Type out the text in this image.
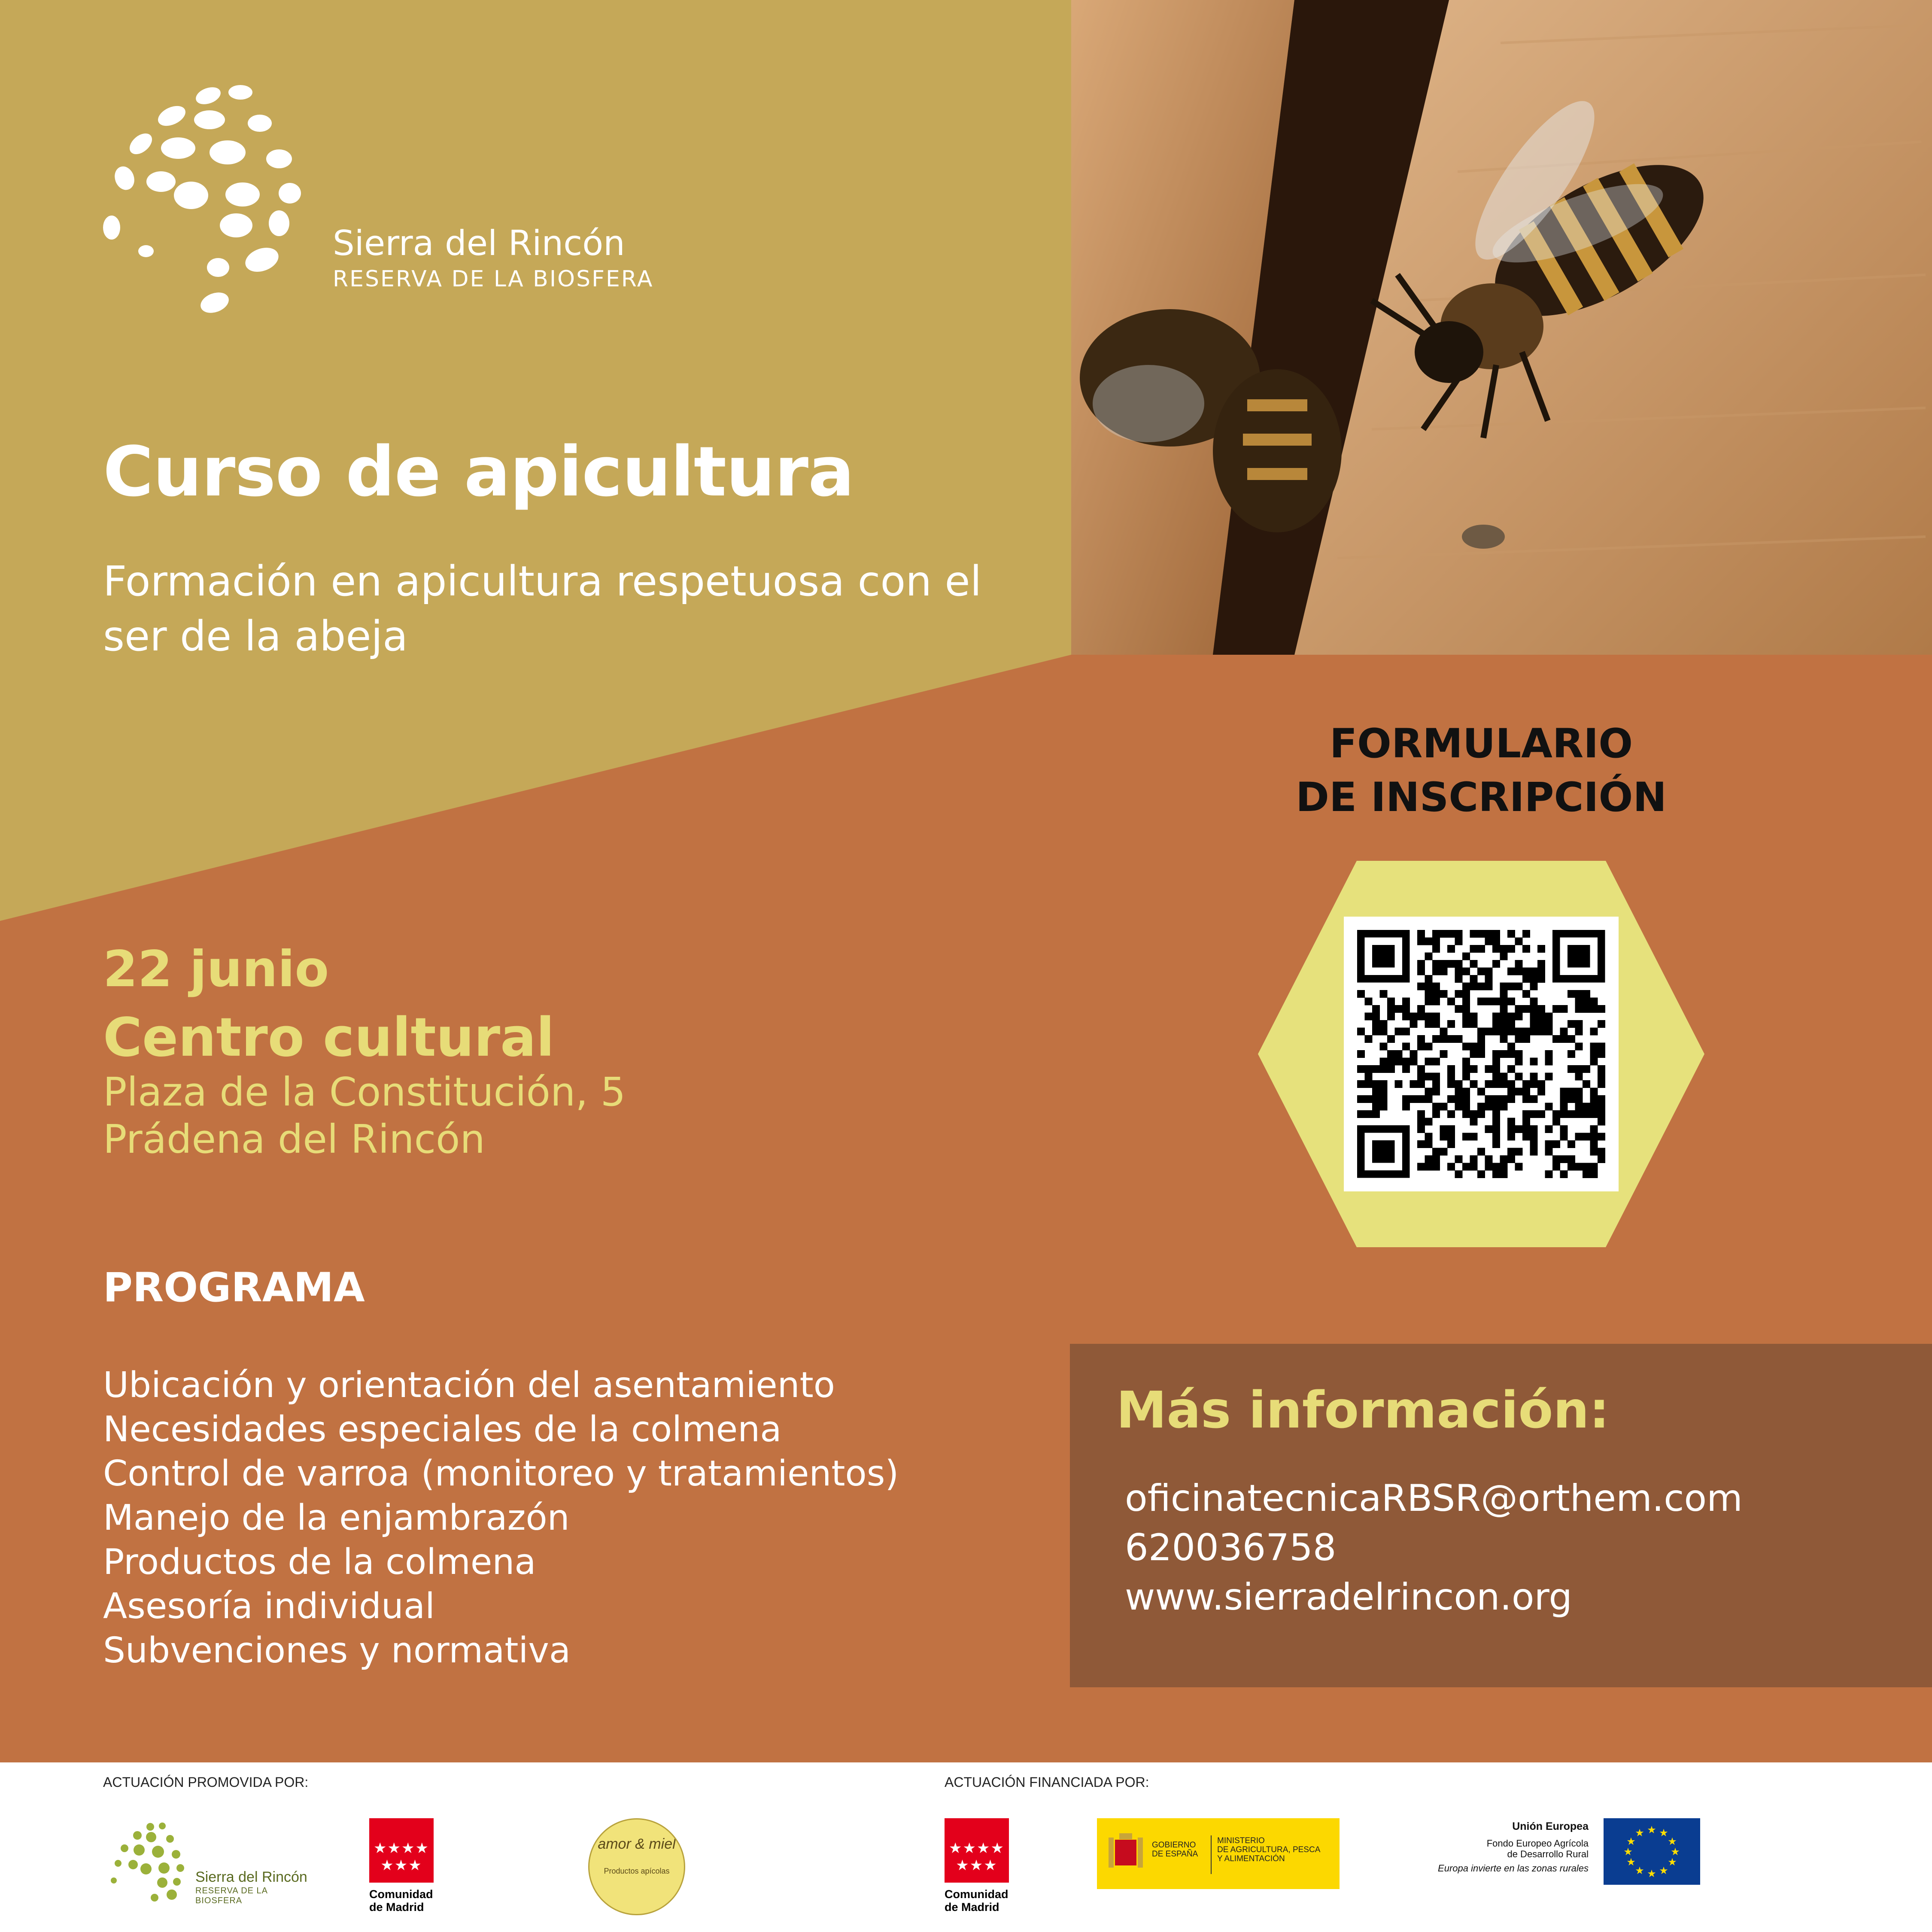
Sierra del Rincón
RESERVA DE LA BIOSFERA
Curso de apicultura
Formación en apicultura respetuosa con el ser de la abeja
FORMULARIO
DE INSCRIPCIÓN
22 junio
Centro cultural
Plaza de la Constitución, 5
Prádena del Rincón
PROGRAMA
Ubicación y orientación del asentamiento
Necesidades especiales de la colmena
Control de varroa (monitoreo y tratamientos)
Manejo de la enjambrazón
Productos de la colmena
Asesoría individual
Subvenciones y normativa
Más información:
oficinatecnicaRBSR@orthem.com
620036758
www.sierradelrincon.org
ACTUACIÓN PROMOVIDA POR:	ACTUACIÓN FINANCIADA POR:
Sierra del Rincón
RESERVA DE LA BIOSFERA
★★★★
★★★
Comunidad
de Madrid
amor & miel
Productos apícolas
★★★★
★★★
Comunidad
de Madrid
GOBIERNO
DE ESPAÑA
MINISTERIO
DE AGRICULTURA, PESCA
Y ALIMENTACIÓN
Unión Europea
Fondo Europeo Agrícola
de Desarrollo Rural
Europa invierte en las zonas rurales
★ ★
★
★
★
★
★
★
★
★
★
★
